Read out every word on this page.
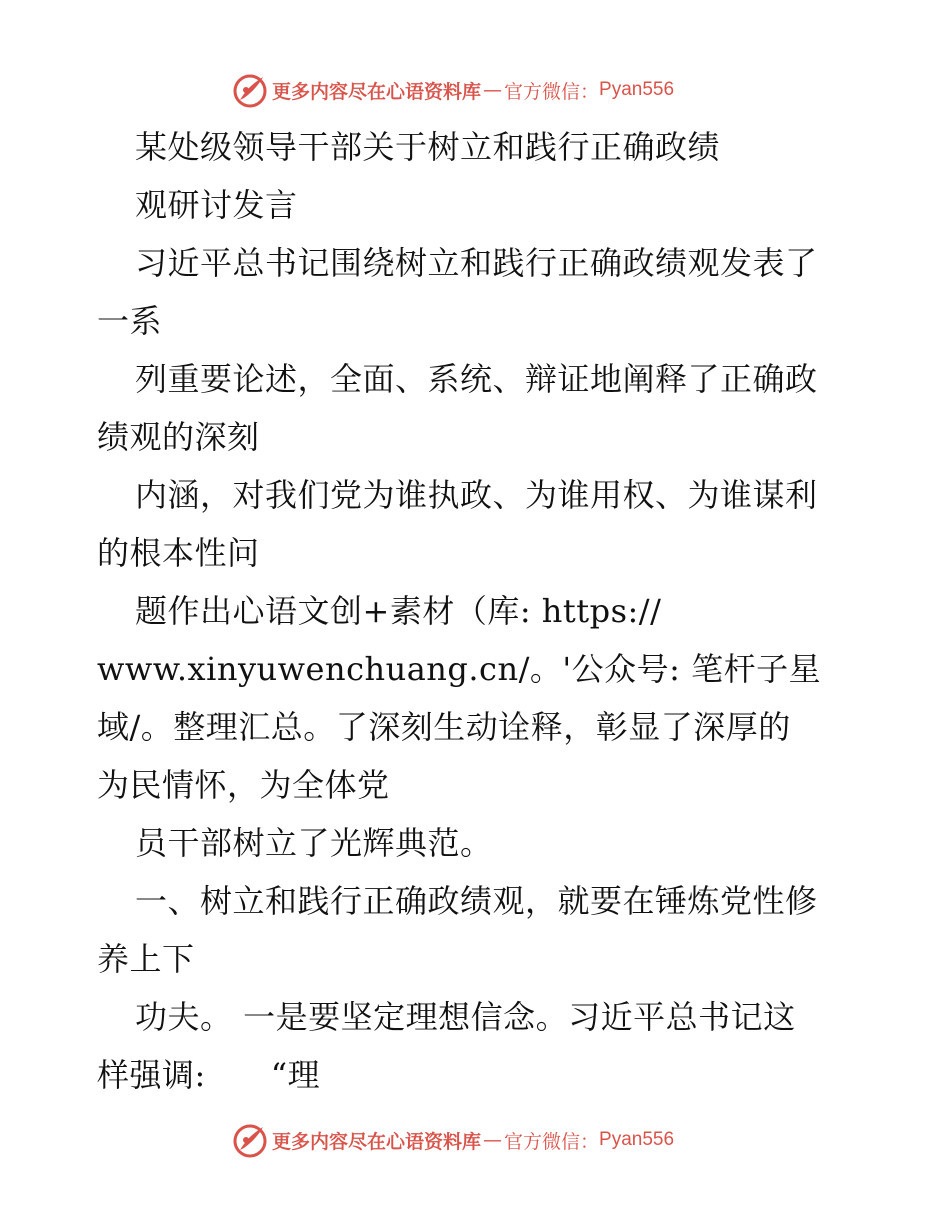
更多内容尽在心语资料库 — 官方微信： Pyan556
某处级领导干部关于树立和践行正确政绩
观研讨发言
习近平总书记围绕树立和践行正确政绩观发表了
一系
列重要论述，全面、系统、辩证地阐释了正确政
绩观的深刻
内涵，对我们党为谁执政、为谁用权、为谁谋利
的根本性问
题作出心语文创+素材（库: https://
www.xinyuwenchuang.cn/。'公众号: 笔杆子星
域/。整理汇总。了深刻生动诠释，彰显了深厚的
为民情怀，为全体党
员干部树立了光辉典范。
一、树立和践行正确政绩观，就要在锤炼党性修
养上下
功夫。 一是要坚定理想信念。习近平总书记这
样强调:　　“理
更多内容尽在心语资料库 — 官方微信： Pyan556
